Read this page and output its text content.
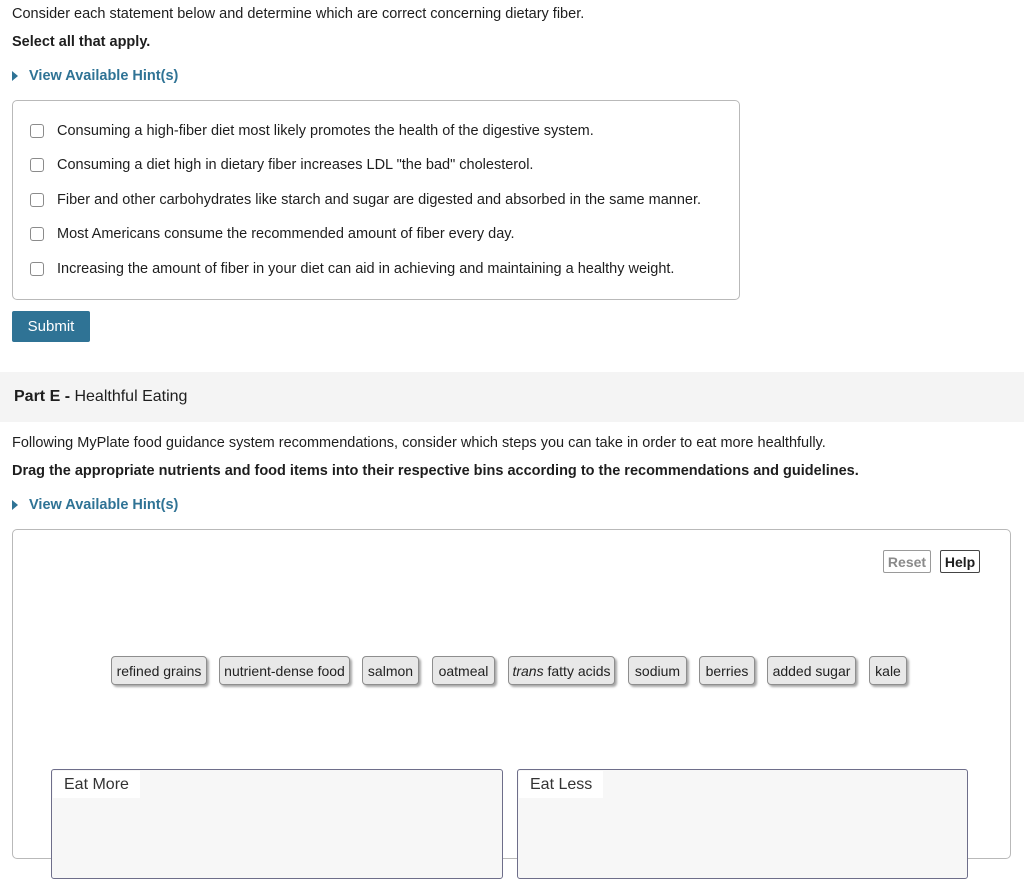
Consider each statement below and determine which are correct concerning dietary fiber.
Select all that apply.
View Available Hint(s)
Consuming a high-fiber diet most likely promotes the health of the digestive system.
Consuming a diet high in dietary fiber increases LDL "the bad" cholesterol.
Fiber and other carbohydrates like starch and sugar are digested and absorbed in the same manner.
Most Americans consume the recommended amount of fiber every day.
Increasing the amount of fiber in your diet can aid in achieving and maintaining a healthy weight.
Submit
Part E - Healthful Eating
Following MyPlate food guidance system recommendations, consider which steps you can take in order to eat more healthfully.
Drag the appropriate nutrients and food items into their respective bins according to the recommendations and guidelines.
View Available Hint(s)
Reset	Help
refined grains	nutrient-dense food	salmon	oatmeal	trans fatty acids	sodium	berries	added sugar	kale
Eat More	Eat Less
